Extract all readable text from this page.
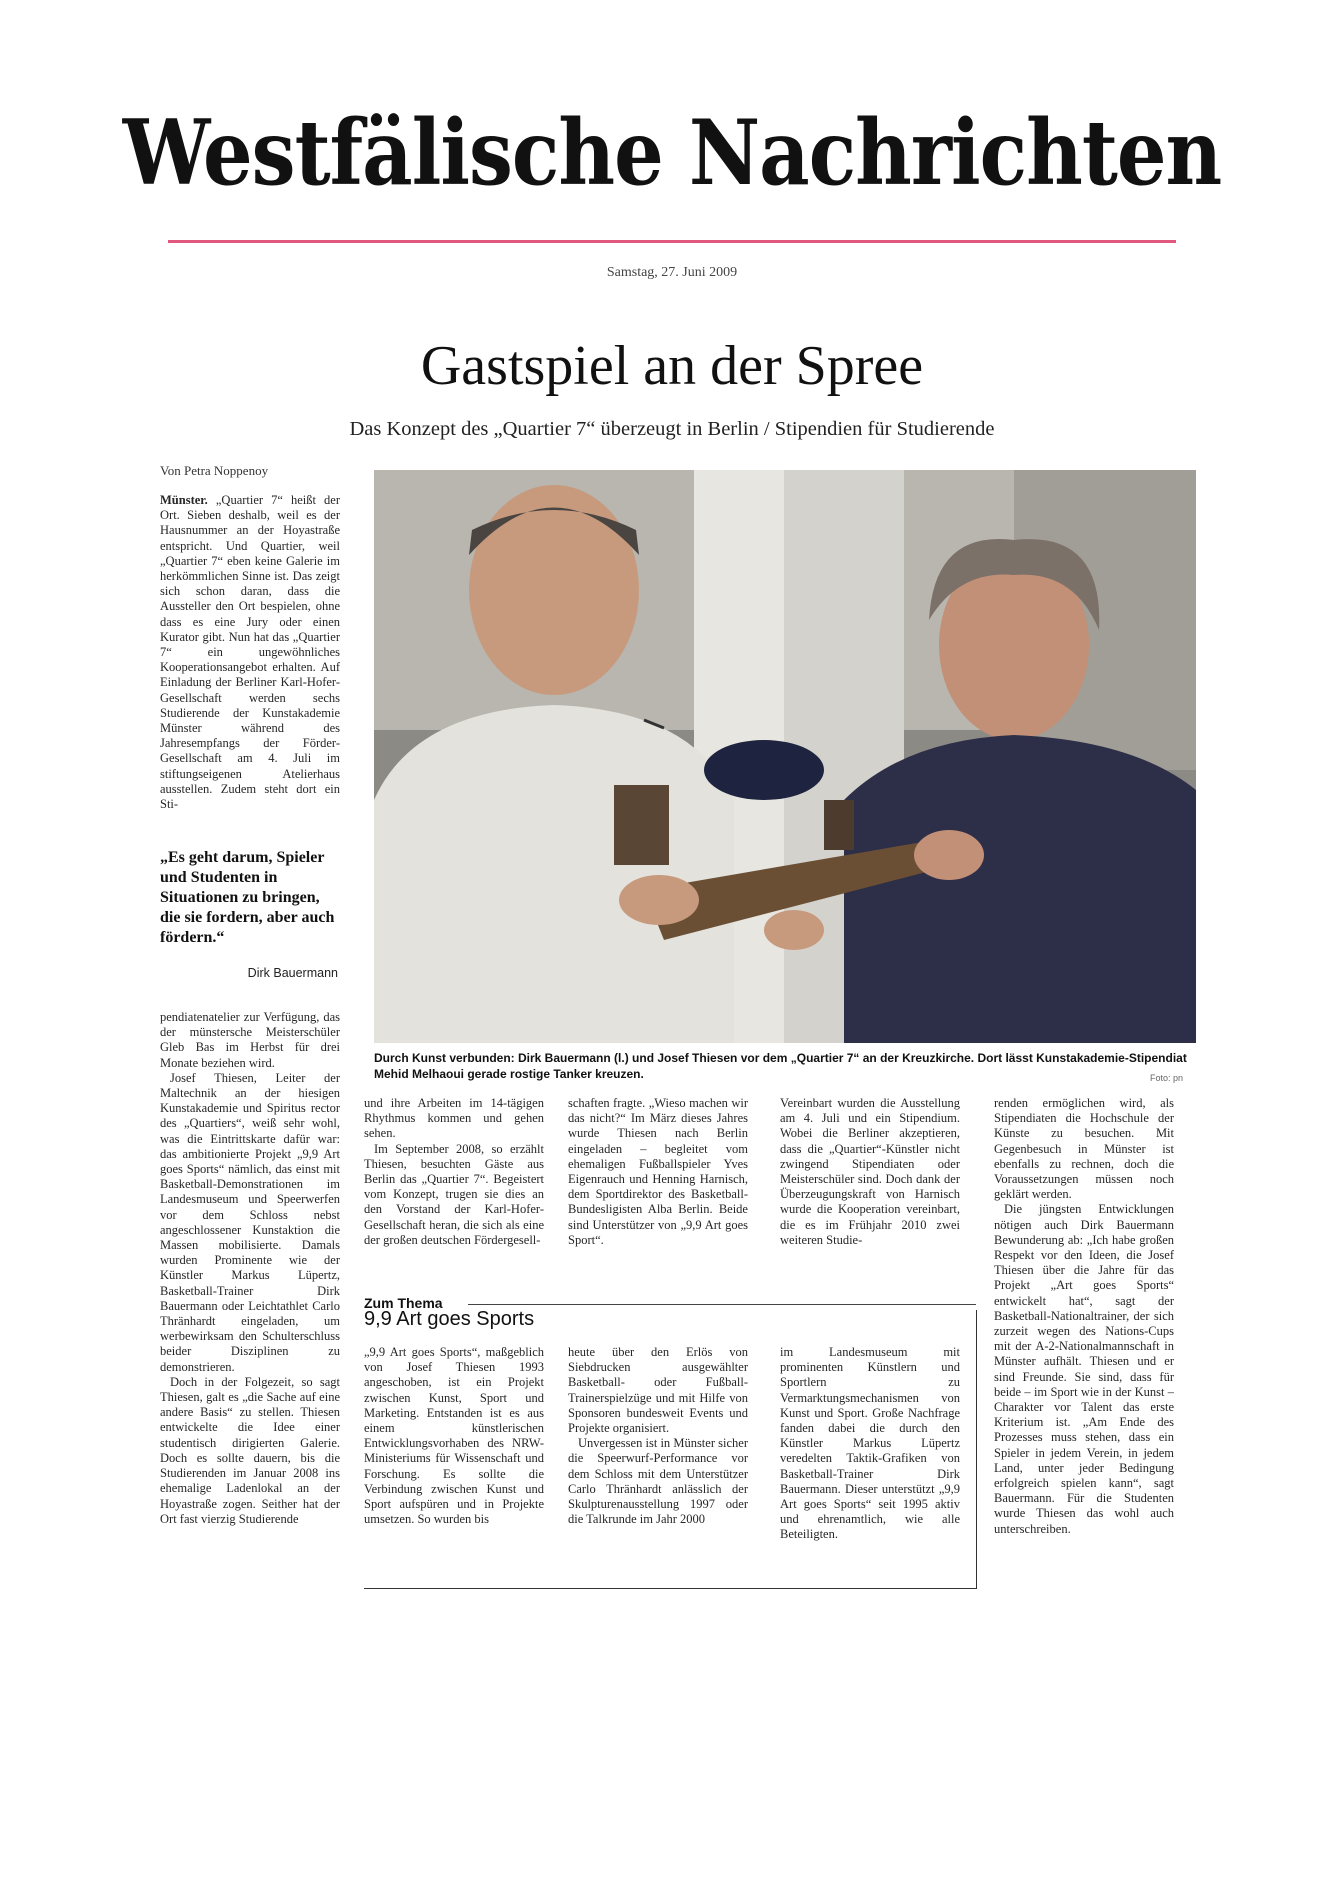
Westfälische Nachrichten
Samstag, 27. Juni 2009
Gastspiel an der Spree
Das Konzept des „Quartier 7“ überzeugt in Berlin / Stipendien für Studierende
Von Petra Noppenoy

Münster. „Quartier 7“ heißt der Ort. Sieben deshalb, weil es der Hausnummer an der Hoyastraße entspricht. Und Quartier, weil „Quartier 7“ eben keine Galerie im herkömmlichen Sinne ist. Das zeigt sich schon daran, dass die Aussteller den Ort bespielen, ohne dass es eine Jury oder einen Kurator gibt. Nun hat das „Quartier 7“ ein ungewöhnliches Kooperationsangebot erhalten. Auf Einladung der Berliner Karl-Hofer-Gesellschaft werden sechs Studierende der Kunstakademie Münster während des Jahresempfangs der Förder-Gesellschaft am 4. Juli im stiftungseigenen Atelierhaus ausstellen. Zudem steht dort ein Sti-

„Es geht darum, Spieler und Studenten in Situationen zu bringen, die sie fordern, aber auch fördern.“
Dirk Bauermann

pendiatenatelier zur Verfügung, das der münstersche Meisterschüler Gleb Bas im Herbst für drei Monate beziehen wird.

Josef Thiesen, Leiter der Maltechnik an der hiesigen Kunstakademie und Spiritus rector des „Quartiers“, weiß sehr wohl, was die Eintrittskarte dafür war: das ambitionierte Projekt „9,9 Art goes Sports“ nämlich, das einst mit Basketball-Demonstrationen im Landesmuseum und Speerwerfen vor dem Schloss nebst angeschlossener Kunstaktion die Massen mobilisierte. Damals wurden Prominente wie der Künstler Markus Lüpertz, Basketball-Trainer Dirk Bauermann oder Leichtathlet Carlo Thränhardt eingeladen, um werbewirksam den Schulterschluss beider Disziplinen zu demonstrieren.

Doch in der Folgezeit, so sagt Thiesen, galt es „die Sache auf eine andere Basis“ zu stellen. Thiesen entwickelte die Idee einer studentisch dirigierten Galerie. Doch es sollte dauern, bis die Studierenden im Januar 2008 ins ehemalige Ladenlokal an der Hoyastraße zogen. Seither hat der Ort fast vierzig Studierende

Durch Kunst verbunden: Dirk Bauermann (l.) und Josef Thiesen vor dem „Quartier 7“ an der Kreuzkirche. Dort lässt Kunstakademie-Stipendiat Mehid Melhaoui gerade rostige Tanker kreuzen.	Foto: pn

und ihre Arbeiten im 14-tägigen Rhythmus kommen und gehen sehen.

Im September 2008, so erzählt Thiesen, besuchten Gäste aus Berlin das „Quartier 7“. Begeistert vom Konzept, trugen sie dies an den Vorstand der Karl-Hofer-Gesellschaft heran, die sich als eine der großen deutschen Fördergesell-

schaften fragte. „Wieso machen wir das nicht?“ Im März dieses Jahres wurde Thiesen nach Berlin eingeladen – begleitet vom ehemaligen Fußballspieler Yves Eigenrauch und Henning Harnisch, dem Sportdirektor des Basketball-Bundesligisten Alba Berlin. Beide sind Unterstützer von „9,9 Art goes Sport“.

Vereinbart wurden die Ausstellung am 4. Juli und ein Stipendium. Wobei die Berliner akzeptieren, dass die „Quartier“-Künstler nicht zwingend Stipendiaten oder Meisterschüler sind. Doch dank der Überzeugungskraft von Harnisch wurde die Kooperation vereinbart, die es im Frühjahr 2010 zwei weiteren Studie-

renden ermöglichen wird, als Stipendiaten die Hochschule der Künste zu besuchen. Mit Gegenbesuch in Münster ist ebenfalls zu rechnen, doch die Voraussetzungen müssen noch geklärt werden.

Die jüngsten Entwicklungen nötigen auch Dirk Bauermann Bewunderung ab: „Ich habe großen Respekt vor den Ideen, die Josef Thiesen über die Jahre für das Projekt „Art goes Sports“ entwickelt hat“, sagt der Basketball-Nationaltrainer, der sich zurzeit wegen des Nations-Cups mit der A-2-Nationalmannschaft in Münster aufhält. Thiesen und er sind Freunde. Sie sind, dass für beide – im Sport wie in der Kunst – Charakter vor Talent das erste Kriterium ist. „Am Ende des Prozesses muss stehen, dass ein Spieler in jedem Verein, in jedem Land, unter jeder Bedingung erfolgreich spielen kann“, sagt Bauermann. Für die Studenten wurde Thiesen das wohl auch unterschreiben.

Zum Thema
9,9 Art goes Sports

„9,9 Art goes Sports“, maßgeblich von Josef Thiesen 1993 angeschoben, ist ein Projekt zwischen Kunst, Sport und Marketing. Entstanden ist es aus einem künstlerischen Entwicklungsvorhaben des NRW-Ministeriums für Wissenschaft und Forschung. Es sollte die Verbindung zwischen Kunst und Sport aufspüren und in Projekte umsetzen. So wurden bis

heute über den Erlös von Siebdrucken ausgewählter Basketball- oder Fußball-Trainerspielzüge und mit Hilfe von Sponsoren bundesweit Events und Projekte organisiert.

Unvergessen ist in Münster sicher die Speerwurf-Performance vor dem Schloss mit dem Unterstützer Carlo Thränhardt anlässlich der Skulpturenausstellung 1997 oder die Talkrunde im Jahr 2000

im Landesmuseum mit prominenten Künstlern und Sportlern zu Vermarktungsmechanismen von Kunst und Sport. Große Nachfrage fanden dabei die durch den Künstler Markus Lüpertz veredelten Taktik-Grafiken von Basketball-Trainer Dirk Bauermann. Dieser unterstützt „9,9 Art goes Sports“ seit 1995 aktiv und ehrenamtlich, wie alle Beteiligten.
